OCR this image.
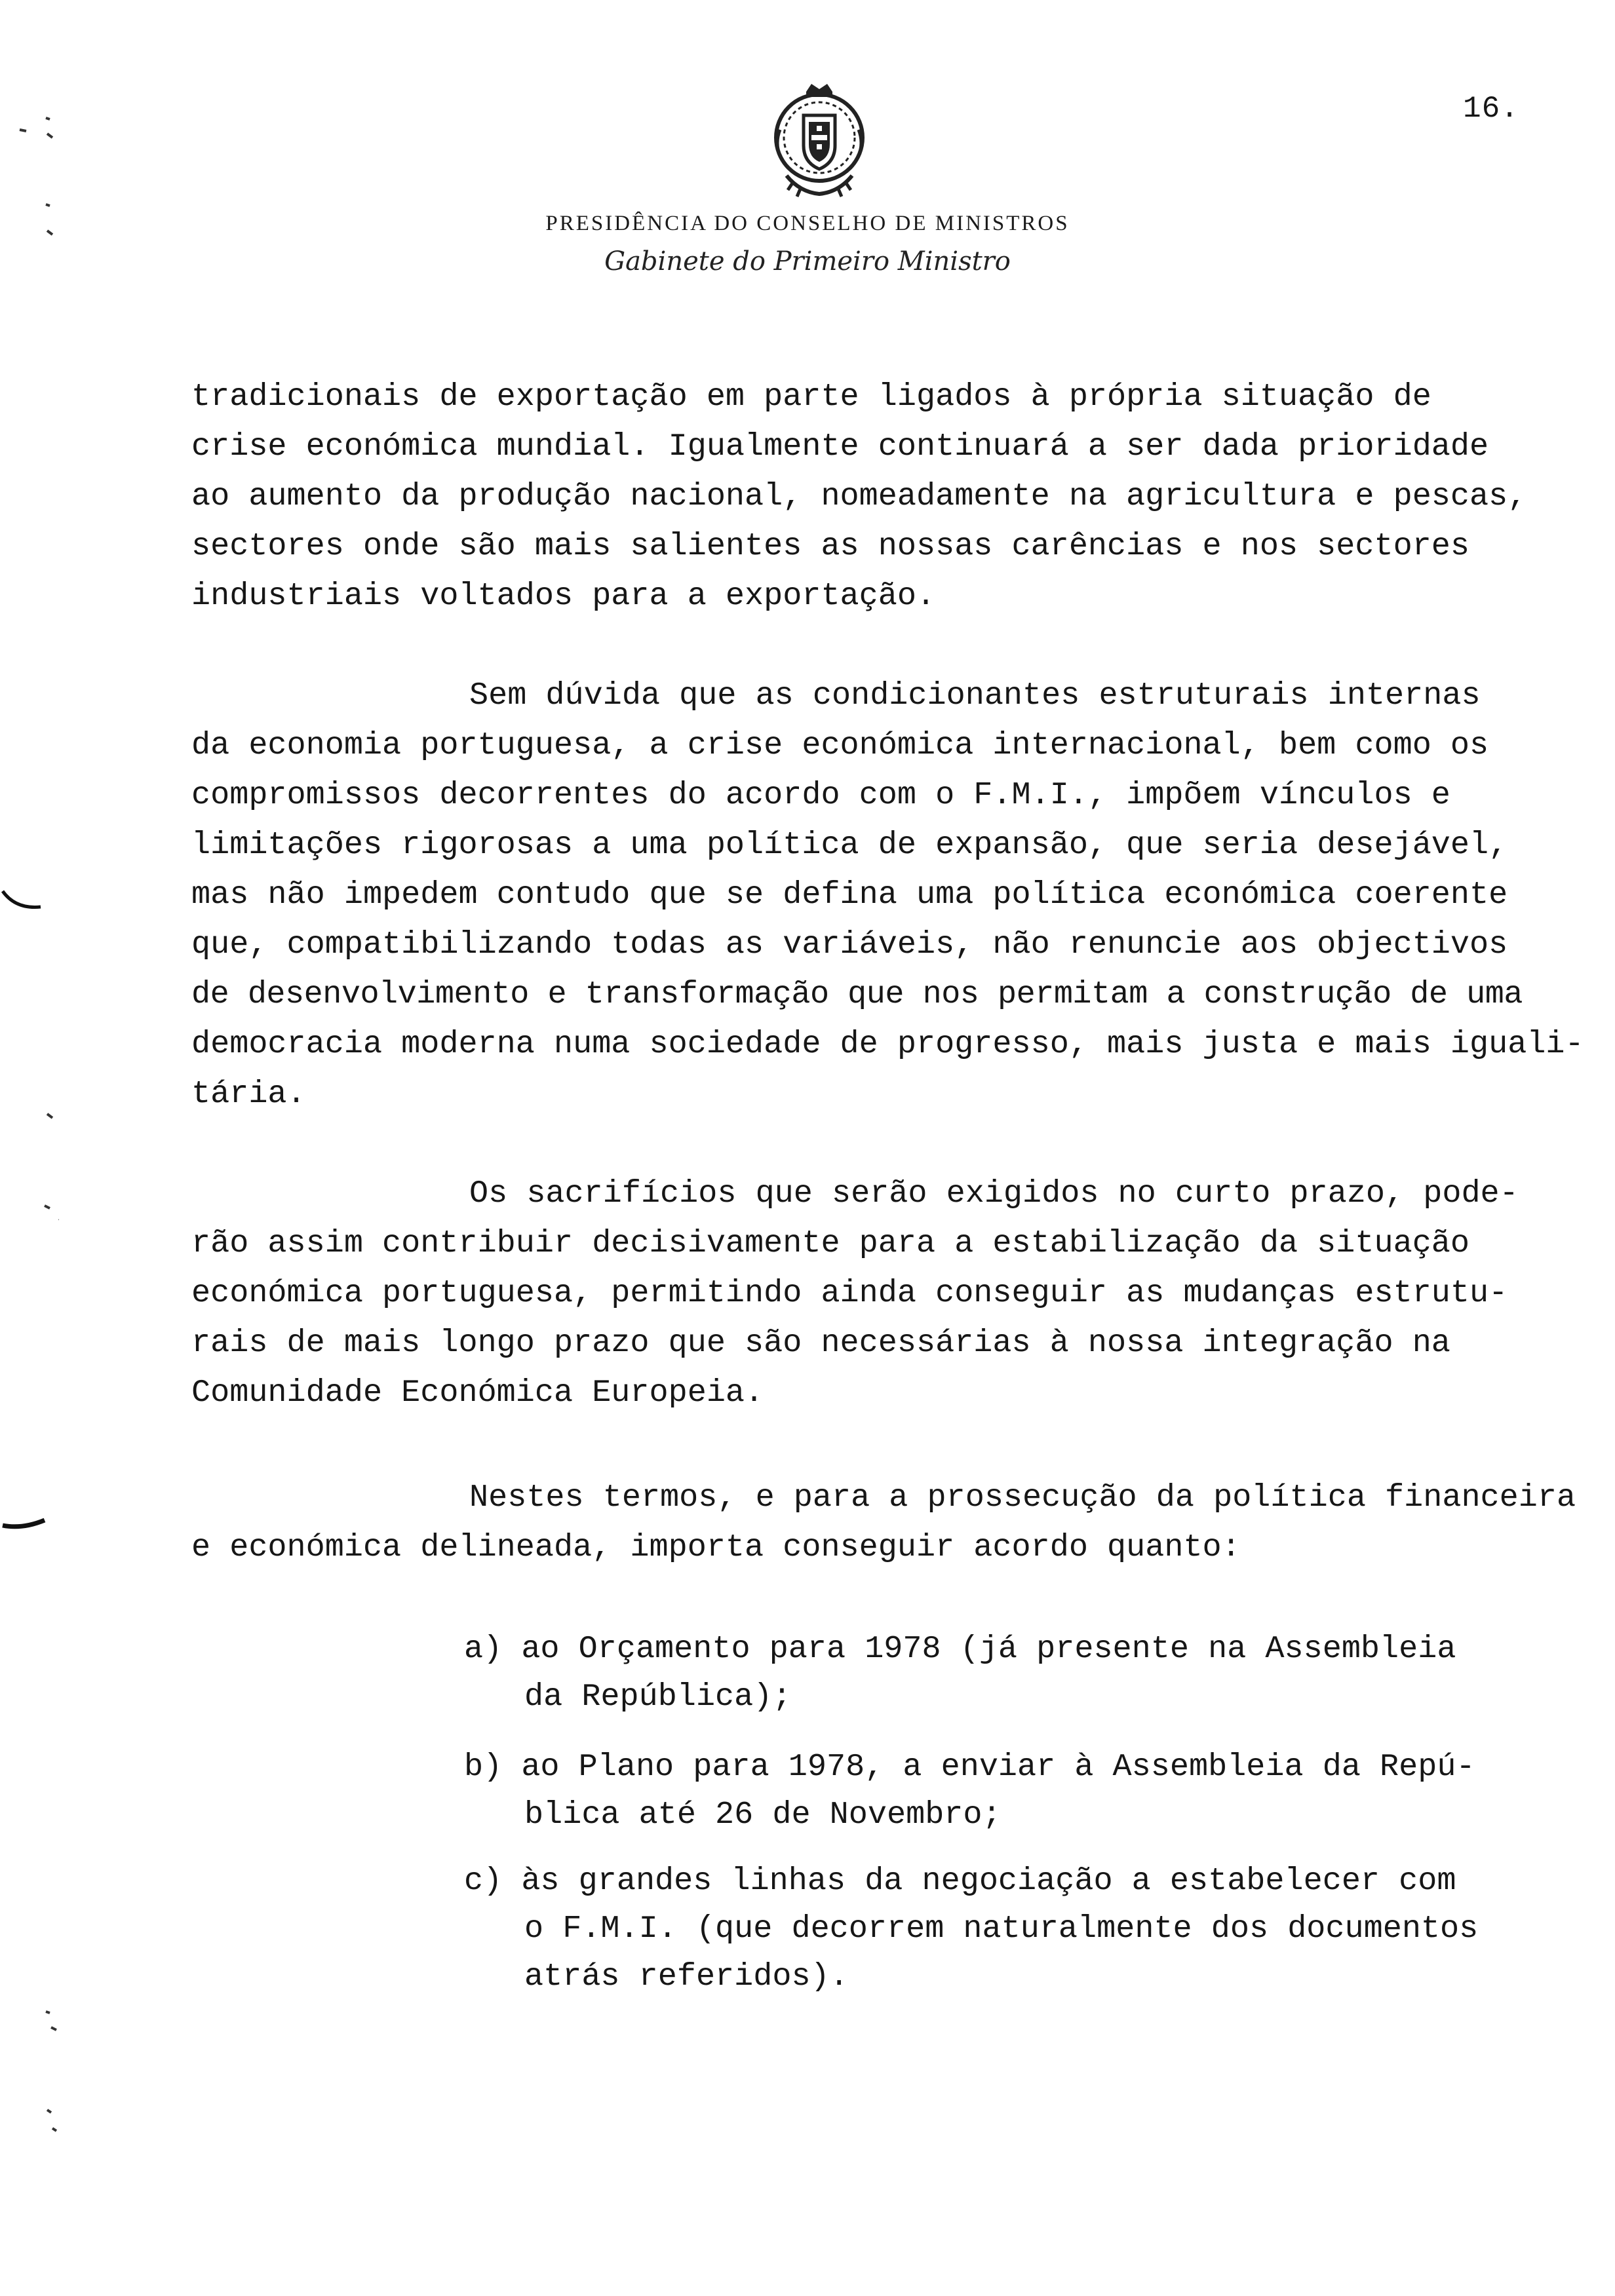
16.
PRESIDÊNCIA DO CONSELHO DE MINISTROS
Gabinete do Primeiro Ministro
tradicionais de exportação em parte ligados à própria situação de
crise económica mundial. Igualmente continuará a ser dada prioridade
ao aumento da produção nacional, nomeadamente na agricultura e pescas,
sectores onde são mais salientes as nossas carências e nos sectores
industriais voltados para a exportação.
Sem dúvida que as condicionantes estruturais internas
da economia portuguesa, a crise económica internacional, bem como os
compromissos decorrentes do acordo com o F.M.I., impõem vínculos e
limitações rigorosas a uma política de expansão, que seria desejável,
mas não impedem contudo que se defina uma política económica coerente
que, compatibilizando todas as variáveis, não renuncie aos objectivos
de desenvolvimento e transformação que nos permitam a construção de uma
democracia moderna numa sociedade de progresso, mais justa e mais iguali-
tária.
Os sacrifícios que serão exigidos no curto prazo, pode-
rão assim contribuir decisivamente para a estabilização da situação
económica portuguesa, permitindo ainda conseguir as mudanças estrutu-
rais de mais longo prazo que são necessárias à nossa integração na
Comunidade Económica Europeia.
Nestes termos, e para a prossecução da política financeira
e económica delineada, importa conseguir acordo quanto:
a) ao Orçamento para 1978 (já presente na Assembleia
da República);
b) ao Plano para 1978, a enviar à Assembleia da Repú-
blica até 26 de Novembro;
c) às grandes linhas da negociação a estabelecer com
o F.M.I. (que decorrem naturalmente dos documentos
atrás referidos).
